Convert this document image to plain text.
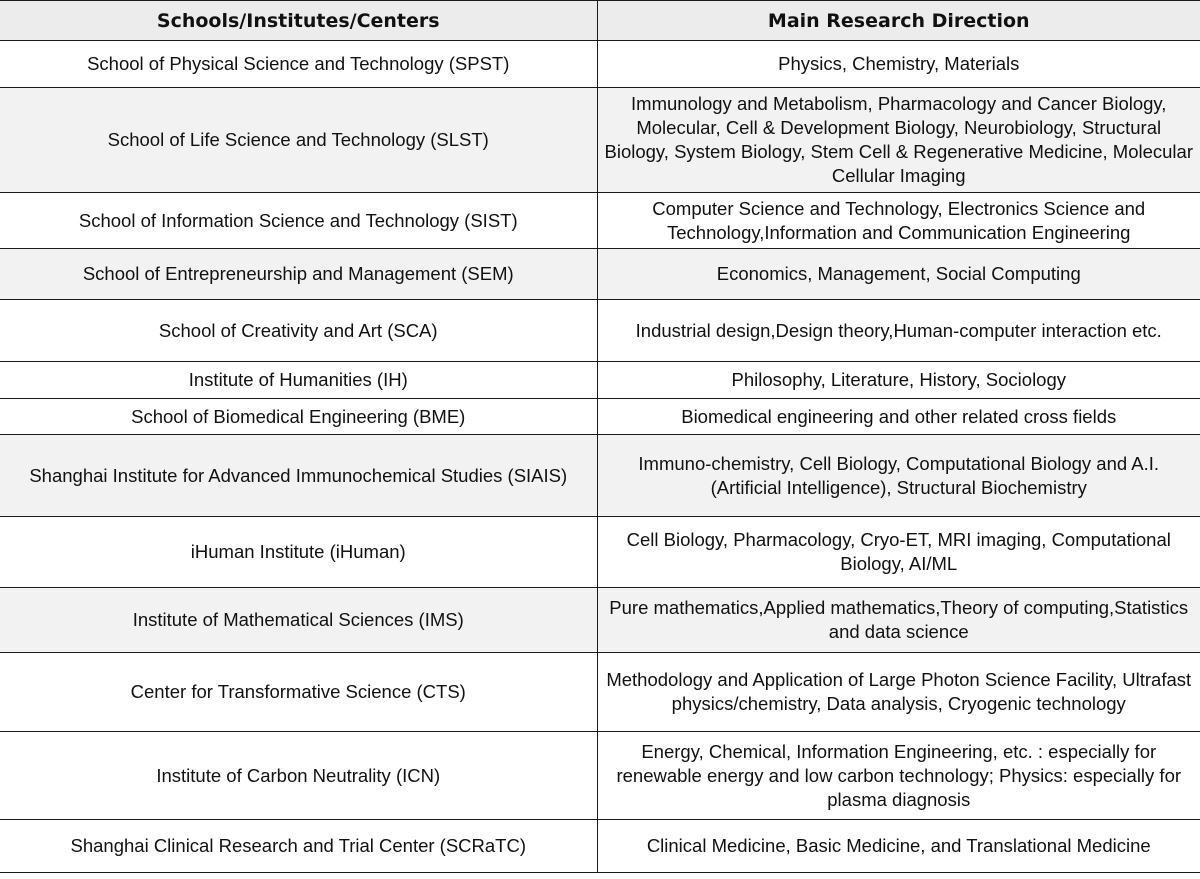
Schools/Institutes/Centers	Main Research Direction
School of Physical Science and Technology (SPST)	Physics, Chemistry, Materials
School of Life Science and Technology (SLST)	Immunology and Metabolism, Pharmacology and Cancer Biology, Molecular, Cell & Development Biology, Neurobiology, Structural Biology, System Biology, Stem Cell & Regenerative Medicine, Molecular Cellular Imaging
School of Information Science and Technology (SIST)	Computer Science and Technology, Electronics Science and Technology,Information and Communication Engineering
School of Entrepreneurship and Management (SEM)	Economics, Management, Social Computing
School of Creativity and Art (SCA)	Industrial design,Design theory,Human-computer interaction etc.
Institute of Humanities (IH)	Philosophy, Literature, History, Sociology
School of Biomedical Engineering (BME)	Biomedical engineering and other related cross fields
Shanghai Institute for Advanced Immunochemical Studies (SIAIS)	Immuno-chemistry, Cell Biology, Computational Biology and A.I. (Artificial Intelligence), Structural Biochemistry
iHuman Institute (iHuman)	Cell Biology, Pharmacology, Cryo-ET, MRI imaging, Computational Biology, AI/ML
Institute of Mathematical Sciences (IMS)	Pure mathematics,Applied mathematics,Theory of computing,Statistics and data science
Center for Transformative Science (CTS)	Methodology and Application of Large Photon Science Facility, Ultrafast physics/chemistry, Data analysis, Cryogenic technology
Institute of Carbon Neutrality (ICN)	Energy, Chemical, Information Engineering, etc. : especially for renewable energy and low carbon technology; Physics: especially for plasma diagnosis
Shanghai Clinical Research and Trial Center (SCRaTC)	Clinical Medicine, Basic Medicine, and Translational Medicine
